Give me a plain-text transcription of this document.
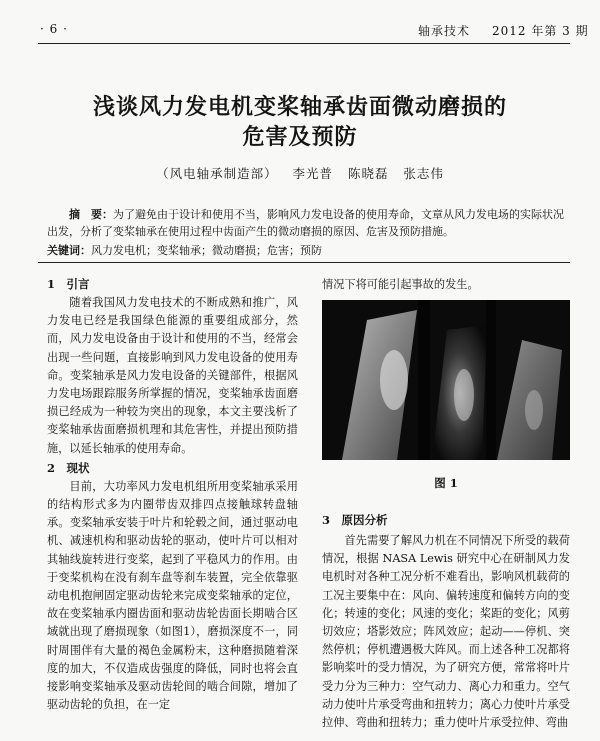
· 6 ·	轴承技术 2012 年第 3 期
浅谈风力发电机变桨轴承齿面微动磨损的
危害及预防
（风电轴承制造部） 李光普 陈晓磊 张志伟
摘　要：为了避免由于设计和使用不当，影响风力发电设备的使用寿命，文章从风力发电场的实际状况出发，分析了变桨轴承在使用过程中齿面产生的微动磨损的原因、危害及预防措施。
关键词：风力发电机；变桨轴承；微动磨损；危害；预防
1　引言

随着我国风力发电技术的不断成熟和推广，风力发电已经是我国绿色能源的重要组成部分，然而，风力发电设备由于设计和使用的不当，经常会出现一些问题，直接影响到风力发电设备的使用寿命。变桨轴承是风力发电设备的关键部件，根据风力发电场跟踪服务所掌握的情况，变桨轴承齿面磨损已经成为一种较为突出的现象，本文主要浅析了变桨轴承齿面磨损机理和其危害性，并提出预防措施，以延长轴承的使用寿命。

2　现状

目前，大功率风力发电机组所用变桨轴承采用的结构形式多为内圈带齿双排四点接触球转盘轴承。变桨轴承安装于叶片和轮毂之间，通过驱动电机、减速机构和驱动齿轮的驱动，使叶片可以相对其轴线旋转进行变桨，起到了平稳风力的作用。由于变桨机构在没有刹车盘等刹车装置，完全依靠驱动电机抱闸固定驱动齿轮来完成变桨轴承的定位，故在变桨轴承内圈齿面和驱动齿轮齿面长期啮合区域就出现了磨损现象（如图1），磨损深度不一，同时周围伴有大量的褐色金属粉末，这种磨损随着深度的加大，不仅造成齿强度的降低，同时也将会直接影响变桨轴承及驱动齿轮间的啮合间隙，增加了驱动齿轮的负担，在一定

情况下将可能引起事故的发生。
图 1
3　原因分析

首先需要了解风力机在不同情况下所受的载荷情况，根据 NASA Lewis 研究中心在研制风力发电机时对各种工况分析不难看出，影响风机载荷的工况主要集中在：风向、偏转速度和偏转方向的变化；转速的变化；风速的变化；桨距的变化；风剪切效应；塔影效应；阵风效应；起动——停机、突然停机；停机遭遇极大阵风。而上述各种工况都将影响桨叶的受力情况，为了研究方便，常常将叶片受力分为三种力：空气动力、离心力和重力。空气动力使叶片承受弯曲和扭转力；离心力使叶片承受拉伸、弯曲和扭转力；重力使叶片承受拉伸、弯曲
